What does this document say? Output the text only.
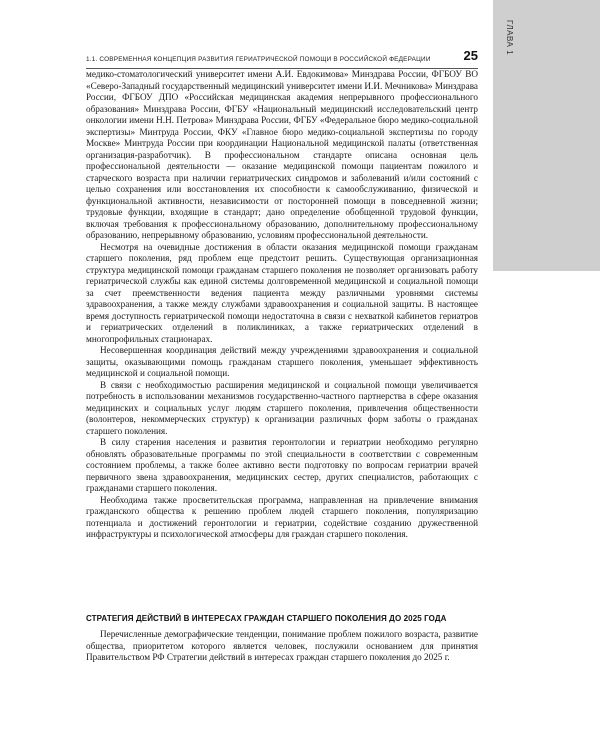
ГЛАВА 1
1.1. СОВРЕМЕННАЯ КОНЦЕПЦИЯ РАЗВИТИЯ ГЕРИАТРИЧЕСКОЙ ПОМОЩИ В РОССИЙСКОЙ ФЕДЕРАЦИИ	25

медико-стоматологический университет имени А.И. Евдокимова» Минздрава России, ФГБОУ ВО «Северо-Западный государственный медицинский университет имени И.И. Мечникова» Минздрава России, ФГБОУ ДПО «Российская медицинская академия непрерывного профессионального образования» Минздрава России, ФГБУ «Национальный медицинский исследовательский центр онкологии имени Н.Н. Петрова» Минздрава России, ФГБУ «Федеральное бюро медико-социальной экспертизы» Минтруда России, ФКУ «Главное бюро медико-социальной экспертизы по городу Москве» Минтруда России при координации Национальной медицинской палаты (ответственная организация-разработчик). В профессиональном стандарте описана основная цель профессиональной деятельности — оказание медицинской помощи пациентам пожилого и старческого возраста при наличии гериатрических синдромов и заболеваний и/или состояний с целью сохранения или восстановления их способности к самообслуживанию, физической и функциональной активности, независимости от посторонней помощи в повседневной жизни; трудовые функции, входящие в стандарт; дано определение обобщенной трудовой функции, включая требования к профессиональному образованию, дополнительному профессиональному образованию, непрерывному образованию, условиям профессиональной деятельности.

Несмотря на очевидные достижения в области оказания медицинской помощи гражданам старшего поколения, ряд проблем еще предстоит решить. Существующая организационная структура медицинской помощи гражданам старшего поколения не позволяет организовать работу гериатрической службы как единой системы долговременной медицинской и социальной помощи за счет преемственности ведения пациента между различными уровнями системы здравоохранения, а также между службами здравоохранения и социальной защиты. В настоящее время доступность гериатрической помощи недостаточна в связи с нехваткой кабинетов гериатров и гериатрических отделений в поликлиниках, а также гериатрических отделений в многопрофильных стационарах.

Несовершенная координация действий между учреждениями здравоохранения и социальной защиты, оказывающими помощь гражданам старшего поколения, уменьшает эффективность медицинской и социальной помощи.

В связи с необходимостью расширения медицинской и социальной помощи увеличивается потребность в использовании механизмов государственно-частного партнерства в сфере оказания медицинских и социальных услуг людям старшего поколения, привлечения общественности (волонтеров, некоммерческих структур) к организации различных форм заботы о гражданах старшего поколения.

В силу старения населения и развития геронтологии и гериатрии необходимо регулярно обновлять образовательные программы по этой специальности в соответствии с современным состоянием проблемы, а также более активно вести подготовку по вопросам гериатрии врачей первичного звена здравоохранения, медицинских сестер, других специалистов, работающих с гражданами старшего поколения.

Необходима также просветительская программа, направленная на привлечение внимания гражданского общества к решению проблем людей старшего поколения, популяризацию потенциала и достижений геронтологии и гериатрии, содействие созданию дружественной инфраструктуры и психологической атмосферы для граждан старшего поколения.

СТРАТЕГИЯ ДЕЙСТВИЙ В ИНТЕРЕСАХ ГРАЖДАН СТАРШЕГО ПОКОЛЕНИЯ ДО 2025 ГОДА

Перечисленные демографические тенденции, понимание проблем пожилого возраста, развитие общества, приоритетом которого является человек, послужили основанием для принятия Правительством РФ Стратегии действий в интересах граждан старшего поколения до 2025 г.
